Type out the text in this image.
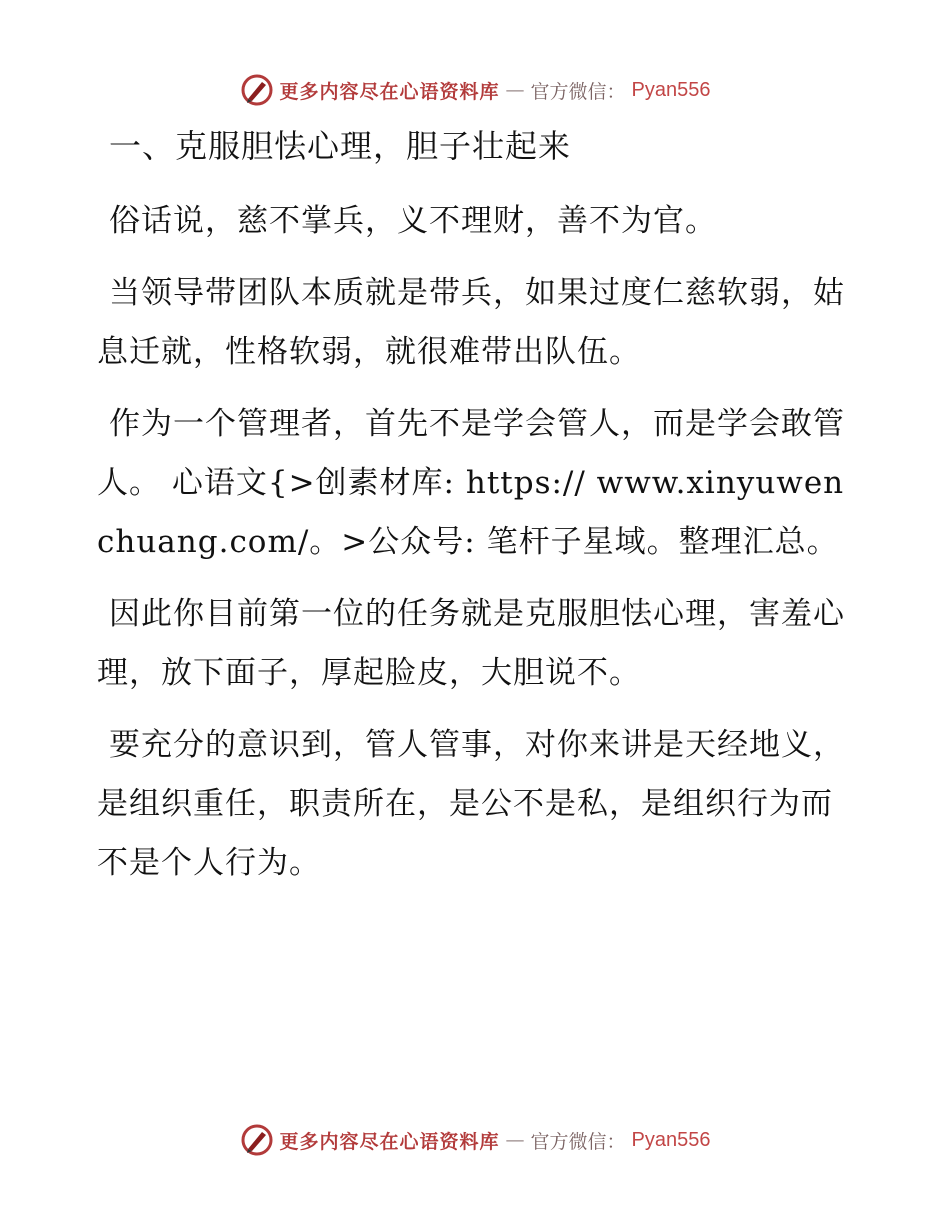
更多内容尽在心语资料库 — 官方微信： Pyan556
一、克服胆怯心理，胆子壮起来

俗话说，慈不掌兵，义不理财，善不为官。

当领导带团队本质就是带兵，如果过度仁慈软弱，姑息迁就，性格软弱，就很难带出队伍。

作为一个管理者，首先不是学会管人，而是学会敢管人。 心语文{>创素材库: https:// www.xinyuwenchuang.com/。>公众号: 笔杆子星域。整理汇总。

因此你目前第一位的任务就是克服胆怯心理，害羞心理，放下面子，厚起脸皮，大胆说不。

要充分的意识到，管人管事，对你来讲是天经地义，是组织重任，职责所在，是公不是私，是组织行为而不是个人行为。

更多内容尽在心语资料库 — 官方微信： Pyan556
